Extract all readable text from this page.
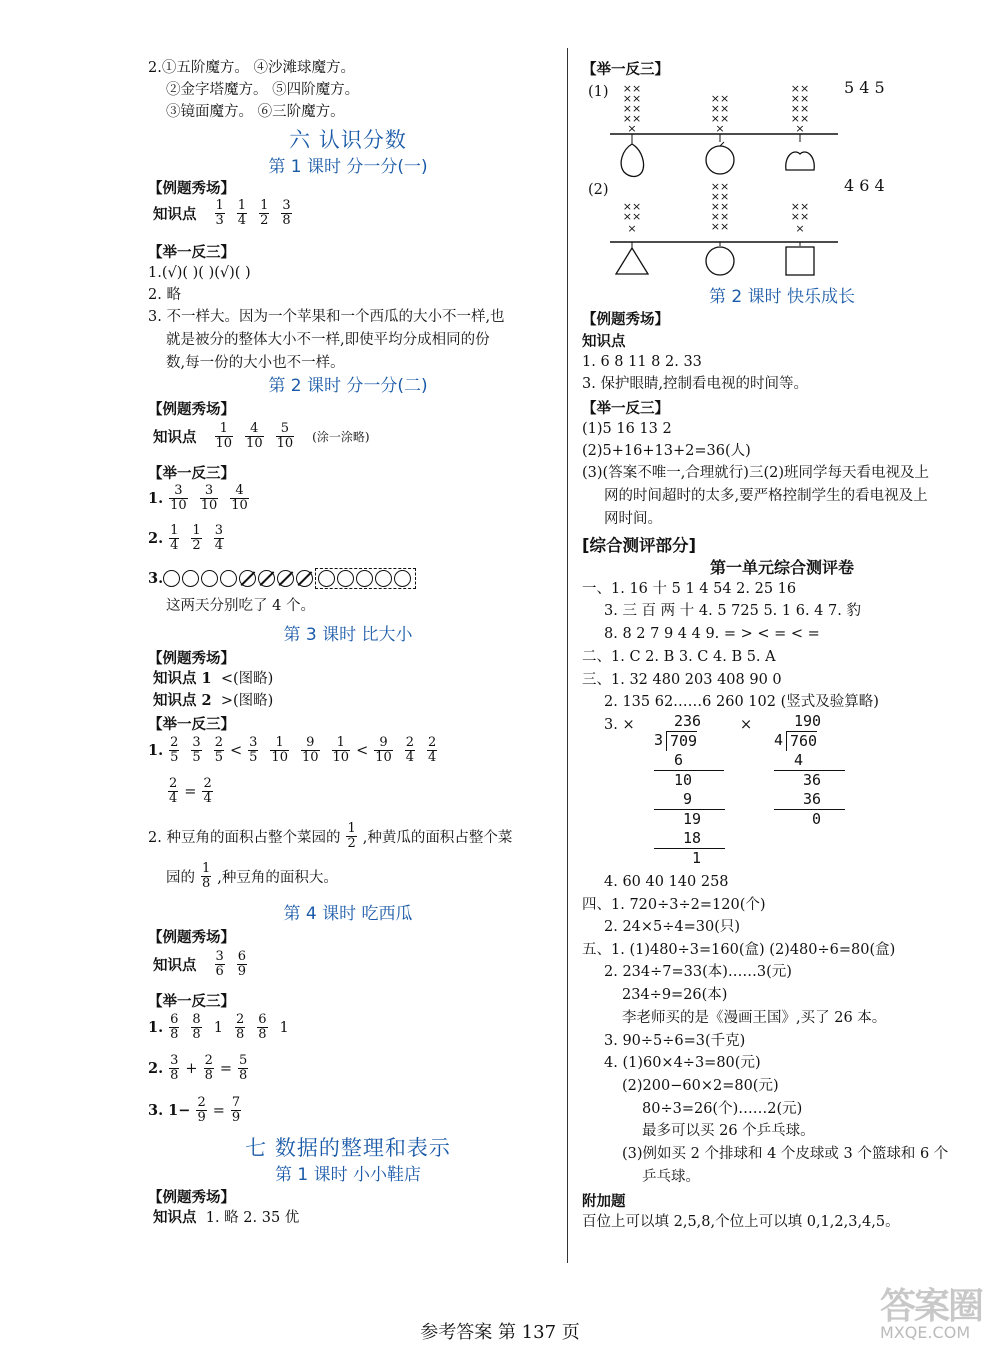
2.①五阶魔方。 ④沙滩球魔方。
②金字塔魔方。 ⑤四阶魔方。
③镜面魔方。 ⑥三阶魔方。
六 认识分数
第 1 课时 分一分(一)
【例题秀场】
知识点 $\frac{1}{3} \frac{1}{4} \frac{1}{2} \frac{3}{8}$
【举一反三】
1.(√)( )( )(√)( )
2. 略
3. 不一样大。因为一个苹果和一个西瓜的大小不一样,也
就是被分的整体大小不一样,即使平均分成相同的份
数,每一份的大小也不一样。
第 2 课时 分一分(二)
【例题秀场】
知识点 $\frac{1}{10} \frac{4}{10} \frac{5}{10}$ (涂一涂略)
【举一反三】
1. $\frac{3}{10} \frac{3}{10} \frac{4}{10}$
2. $\frac{1}{4} \frac{1}{2} \frac{3}{4}$
3.
这两天分别吃了 4 个。
第 3 课时 比大小
【例题秀场】
知识点 1 <(图略)
知识点 2 >(图略)
【举一反三】
1. $\frac{2}{5} \frac{3}{5} \frac{2}{5} < \frac{3}{5} \frac{1}{10} \frac{9}{10} \frac{1}{10} < \frac{9}{10} \frac{2}{4} \frac{2}{4}$
$\frac{2}{4} = \frac{2}{4}$
2. 种豆角的面积占整个菜园的 $\frac{1}{2}$ ,种黄瓜的面积占整个菜
园的 $\frac{1}{8}$ ,种豆角的面积大。
第 4 课时 吃西瓜
【例题秀场】
知识点 $\frac{3}{6} \frac{6}{9}$
【举一反三】
1. $\frac{6}{8} \frac{8}{8} 1 \frac{2}{8} \frac{6}{8} 1$
2. $\frac{3}{8} + \frac{2}{8} = \frac{5}{8}$
3. $1- \frac{2}{9} = \frac{7}{9}$
七 数据的整理和表示
第 1 课时 小小鞋店
【例题秀场】
知识点 1. 略 2. 35 优
【举一反三】
(1)	5 4 5
××
××
××
××
×
××
××
××
×
××
××
××
××
×
(2)	4 6 4
××
××
×
××
××
××
××
××
××
××
×
第 2 课时 快乐成长
【例题秀场】
知识点
1. 6 8 11 8 2. 33
3. 保护眼睛,控制看电视的时间等。
【举一反三】
(1)5 16 13 2
(2)5+16+13+2=36(人)
(3)(答案不唯一,合理就行)三(2)班同学每天看电视及上
网的时间超时的太多,要严格控制学生的看电视及上
网时间。
[综合测评部分]
第一单元综合测评卷
一、1. 16 十 5 1 4 54 2. 25 16
3. 三 百 两 十 4. 5 725 5. 1 6. 4 7. 豹
8. 8 2 7 9 4 4 9. = > < = < =
二、1. C 2. B 3. C 4. B 5. A
三、1. 32 480 203 408 90 0
2. 135 62……6 260 102 (竖式及验算略)
3. ×	×
236
3 709
6
10
9
19
18
1
190
4 760
4
36
36
0
4. 60 40 140 258
四、1. 720÷3÷2=120(个)
2. 24×5÷4=30(只)
五、1. (1)480÷3=160(盒) (2)480÷6=80(盒)
2. 234÷7=33(本)……3(元)
234÷9=26(本)
李老师买的是《漫画王国》,买了 26 本。
3. 90÷5÷6=3(千克)
4. (1)60×4÷3=80(元)
(2)200−60×2=80(元)
80÷3=26(个)……2(元)
最多可以买 26 个乒乓球。
(3)例如买 2 个排球和 4 个皮球或 3 个篮球和 6 个
乒乓球。
附加题
百位上可以填 2,5,8,个位上可以填 0,1,2,3,4,5。
参考答案 第 137 页
答案圈
MXQE.COM
